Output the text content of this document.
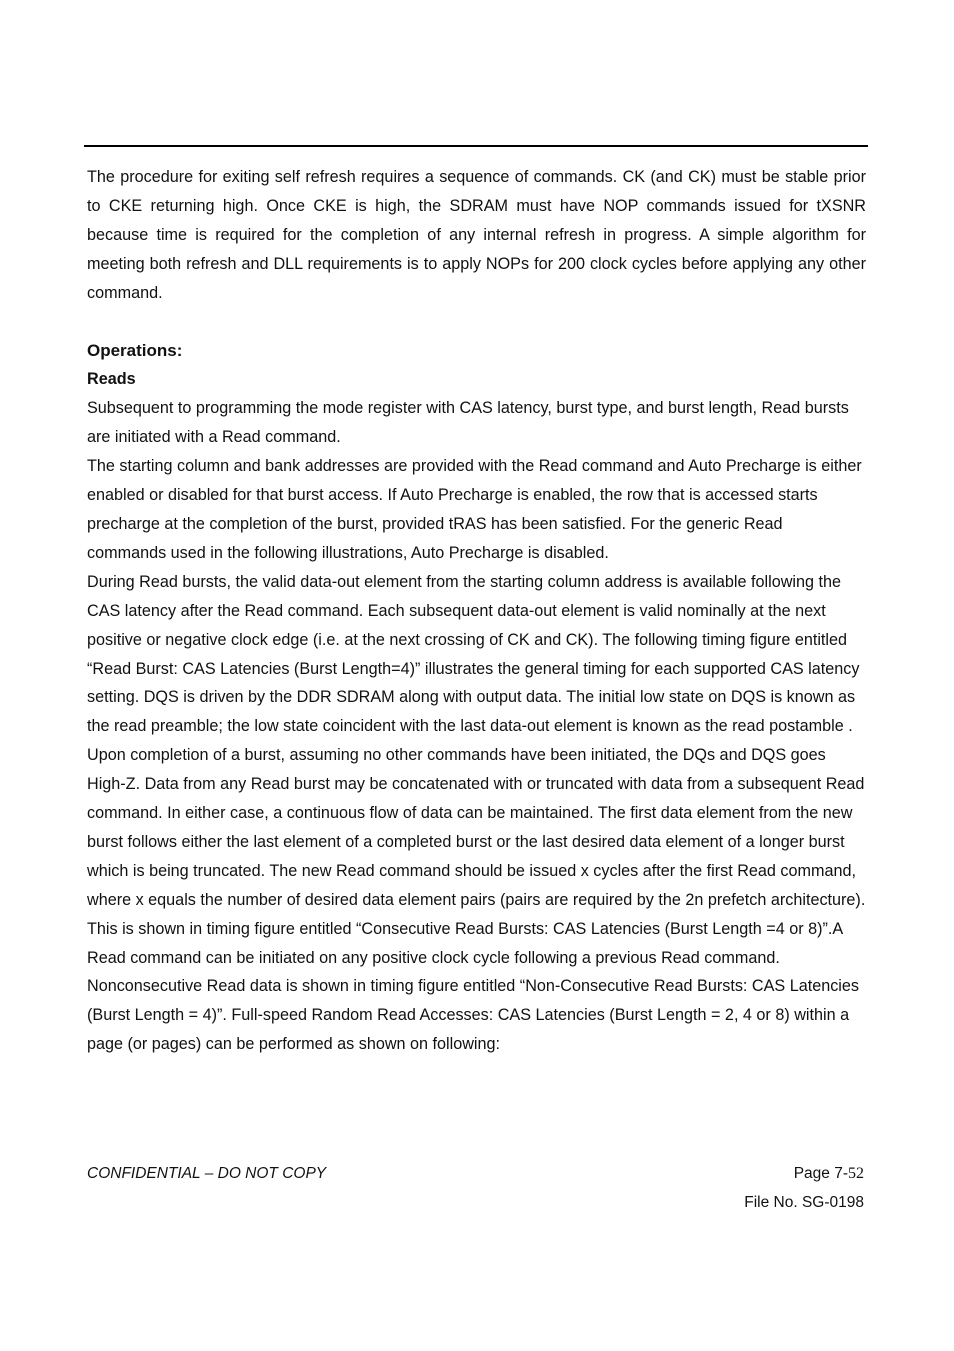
The procedure for exiting self refresh requires a sequence of commands. CK (and CK) must be stable prior to CKE returning high. Once CKE is high, the SDRAM must have NOP commands issued for tXSNR because time is required for the completion of any internal refresh in progress. A simple algorithm for meeting both refresh and DLL requirements is to apply NOPs for 200 clock cycles before applying any other command.

Operations:
Reads

Subsequent to programming the mode register with CAS latency, burst type, and burst length, Read bursts are initiated with a Read command.

The starting column and bank addresses are provided with the Read command and Auto Precharge is either enabled or disabled for that burst access. If Auto Precharge is enabled, the row that is accessed starts precharge at the completion of the burst, provided tRAS has been satisfied. For the generic Read commands used in the following illustrations, Auto Precharge is disabled.

During Read bursts, the valid data-out element from the starting column address is available following the CAS latency after the Read command. Each subsequent data-out element is valid nominally at the next positive or negative clock edge (i.e. at the next crossing of CK and CK). The following timing figure entitled “Read Burst: CAS Latencies (Burst Length=4)” illustrates the general timing for each supported CAS latency setting. DQS is driven by the DDR SDRAM along with output data. The initial low state on DQS is known as the read preamble; the low state coincident with the last data-out element is known as the read postamble . Upon completion of a burst, assuming no other commands have been initiated, the DQs and DQS goes High-Z. Data from any Read burst may be concatenated with or truncated with data from a subsequent Read command. In either case, a continuous flow of data can be maintained. The first data element from the new burst follows either the last element of a completed burst or the last desired data element of a longer burst which is being truncated. The new Read command should be issued x cycles after the first Read command, where x equals the number of desired data element pairs (pairs are required by the 2n prefetch architecture). This is shown in timing figure entitled “Consecutive Read Bursts: CAS Latencies (Burst Length =4 or 8)”.A Read command can be initiated on any positive clock cycle following a previous Read command. Nonconsecutive Read data is shown in timing figure entitled “Non-Consecutive Read Bursts: CAS Latencies (Burst Length = 4)”. Full-speed Random Read Accesses: CAS Latencies (Burst Length = 2, 4 or 8) within a page (or pages) can be performed as shown on following:

CONFIDENTIAL – DO NOT COPY	Page 7-52
File No. SG-0198
